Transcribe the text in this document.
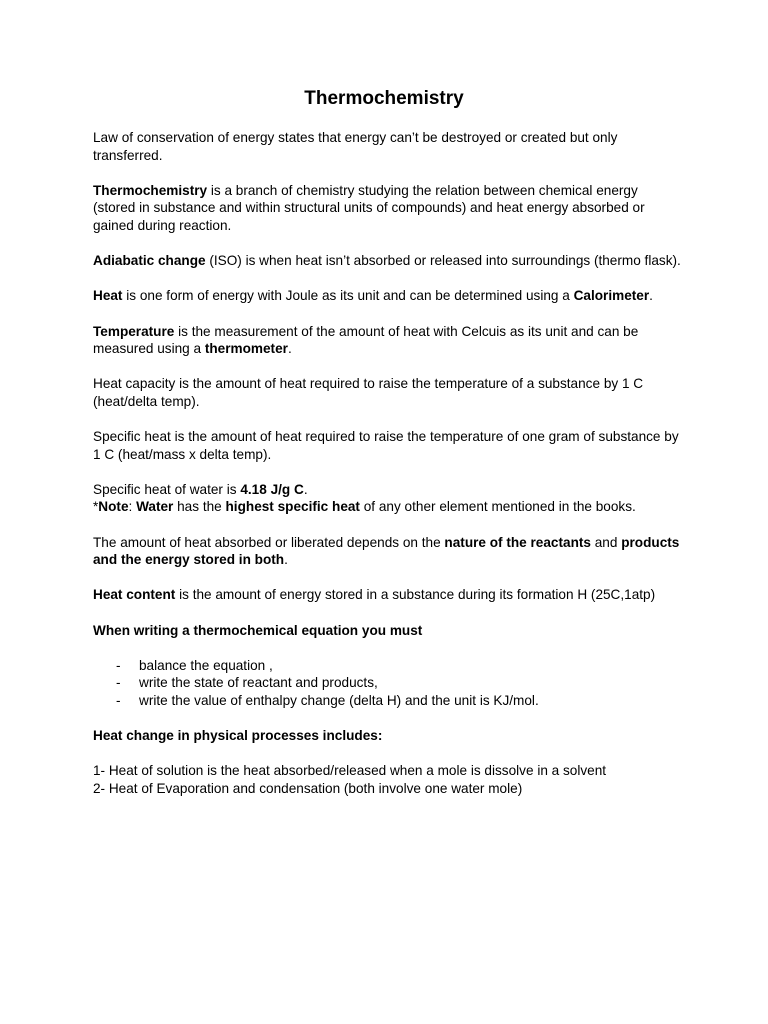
Thermochemistry

Law of conservation of energy states that energy can’t be destroyed or created but only transferred.

Thermochemistry is a branch of chemistry studying the relation between chemical energy (stored in substance and within structural units of compounds) and heat energy absorbed or gained during reaction.

Adiabatic change (ISO) is when heat isn’t absorbed or released into surroundings (thermo flask).

Heat is one form of energy with Joule as its unit and can be determined using a Calorimeter.

Temperature is the measurement of the amount of heat with Celcuis as its unit and can be measured using a thermometer.

Heat capacity is the amount of heat required to raise the temperature of a substance by 1 C (heat/delta temp).

Specific heat is the amount of heat required to raise the temperature of one gram of substance by 1 C (heat/mass x delta temp).

Specific heat of water is 4.18 J/g C.

*Note: Water has the highest specific heat of any other element mentioned in the books.

The amount of heat absorbed or liberated depends on the nature of the reactants and products and the energy stored in both.

Heat content is the amount of energy stored in a substance during its formation H (25C,1atp)

When writing a thermochemical equation you must

- balance the equation ,
- write the state of reactant and products,
- write the value of enthalpy change (delta H) and the unit is KJ/mol.

Heat change in physical processes includes:

1- Heat of solution is the heat absorbed/released when a mole is dissolve in a solvent

2- Heat of Evaporation and condensation (both involve one water mole)
